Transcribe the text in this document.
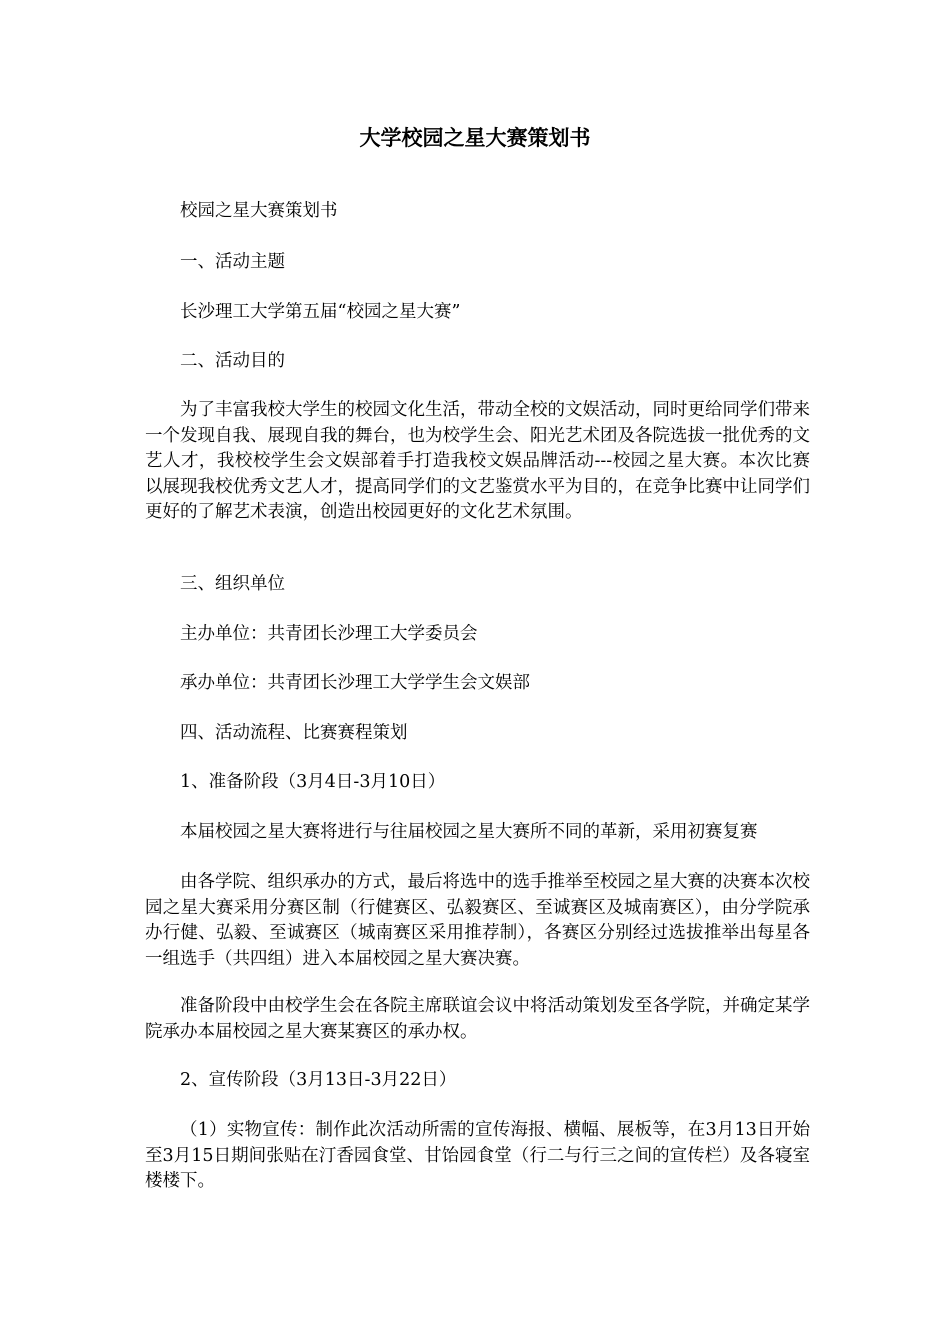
大学校园之星大赛策划书

校园之星大赛策划书

一、活动主题

长沙理工大学第五届“校园之星大赛”

二、活动目的

为了丰富我校大学生的校园文化生活，带动全校的文娱活动，同时更给同学们带来一个发现自我、展现自我的舞台，也为校学生会、阳光艺术团及各院选拔一批优秀的文艺人才，我校校学生会文娱部着手打造我校文娱品牌活动---校园之星大赛。本次比赛以展现我校优秀文艺人才，提高同学们的文艺鉴赏水平为目的，在竞争比赛中让同学们更好的了解艺术表演，创造出校园更好的文化艺术氛围。

三、组织单位

主办单位：共青团长沙理工大学委员会

承办单位：共青团长沙理工大学学生会文娱部

四、活动流程、比赛赛程策划

1、准备阶段（3月4日-3月10日）

本届校园之星大赛将进行与往届校园之星大赛所不同的革新，采用初赛复赛

由各学院、组织承办的方式，最后将选中的选手推举至校园之星大赛的决赛本次校园之星大赛采用分赛区制（行健赛区、弘毅赛区、至诚赛区及城南赛区），由分学院承办行健、弘毅、至诚赛区（城南赛区采用推荐制），各赛区分别经过选拔推举出每星各一组选手（共四组）进入本届校园之星大赛决赛。

准备阶段中由校学生会在各院主席联谊会议中将活动策划发至各学院，并确定某学院承办本届校园之星大赛某赛区的承办权。

2、宣传阶段（3月13日-3月22日）

（1）实物宣传：制作此次活动所需的宣传海报、横幅、展板等，在3月13日开始至3月15日期间张贴在汀香园食堂、甘饴园食堂（行二与行三之间的宣传栏）及各寝室楼楼下。
